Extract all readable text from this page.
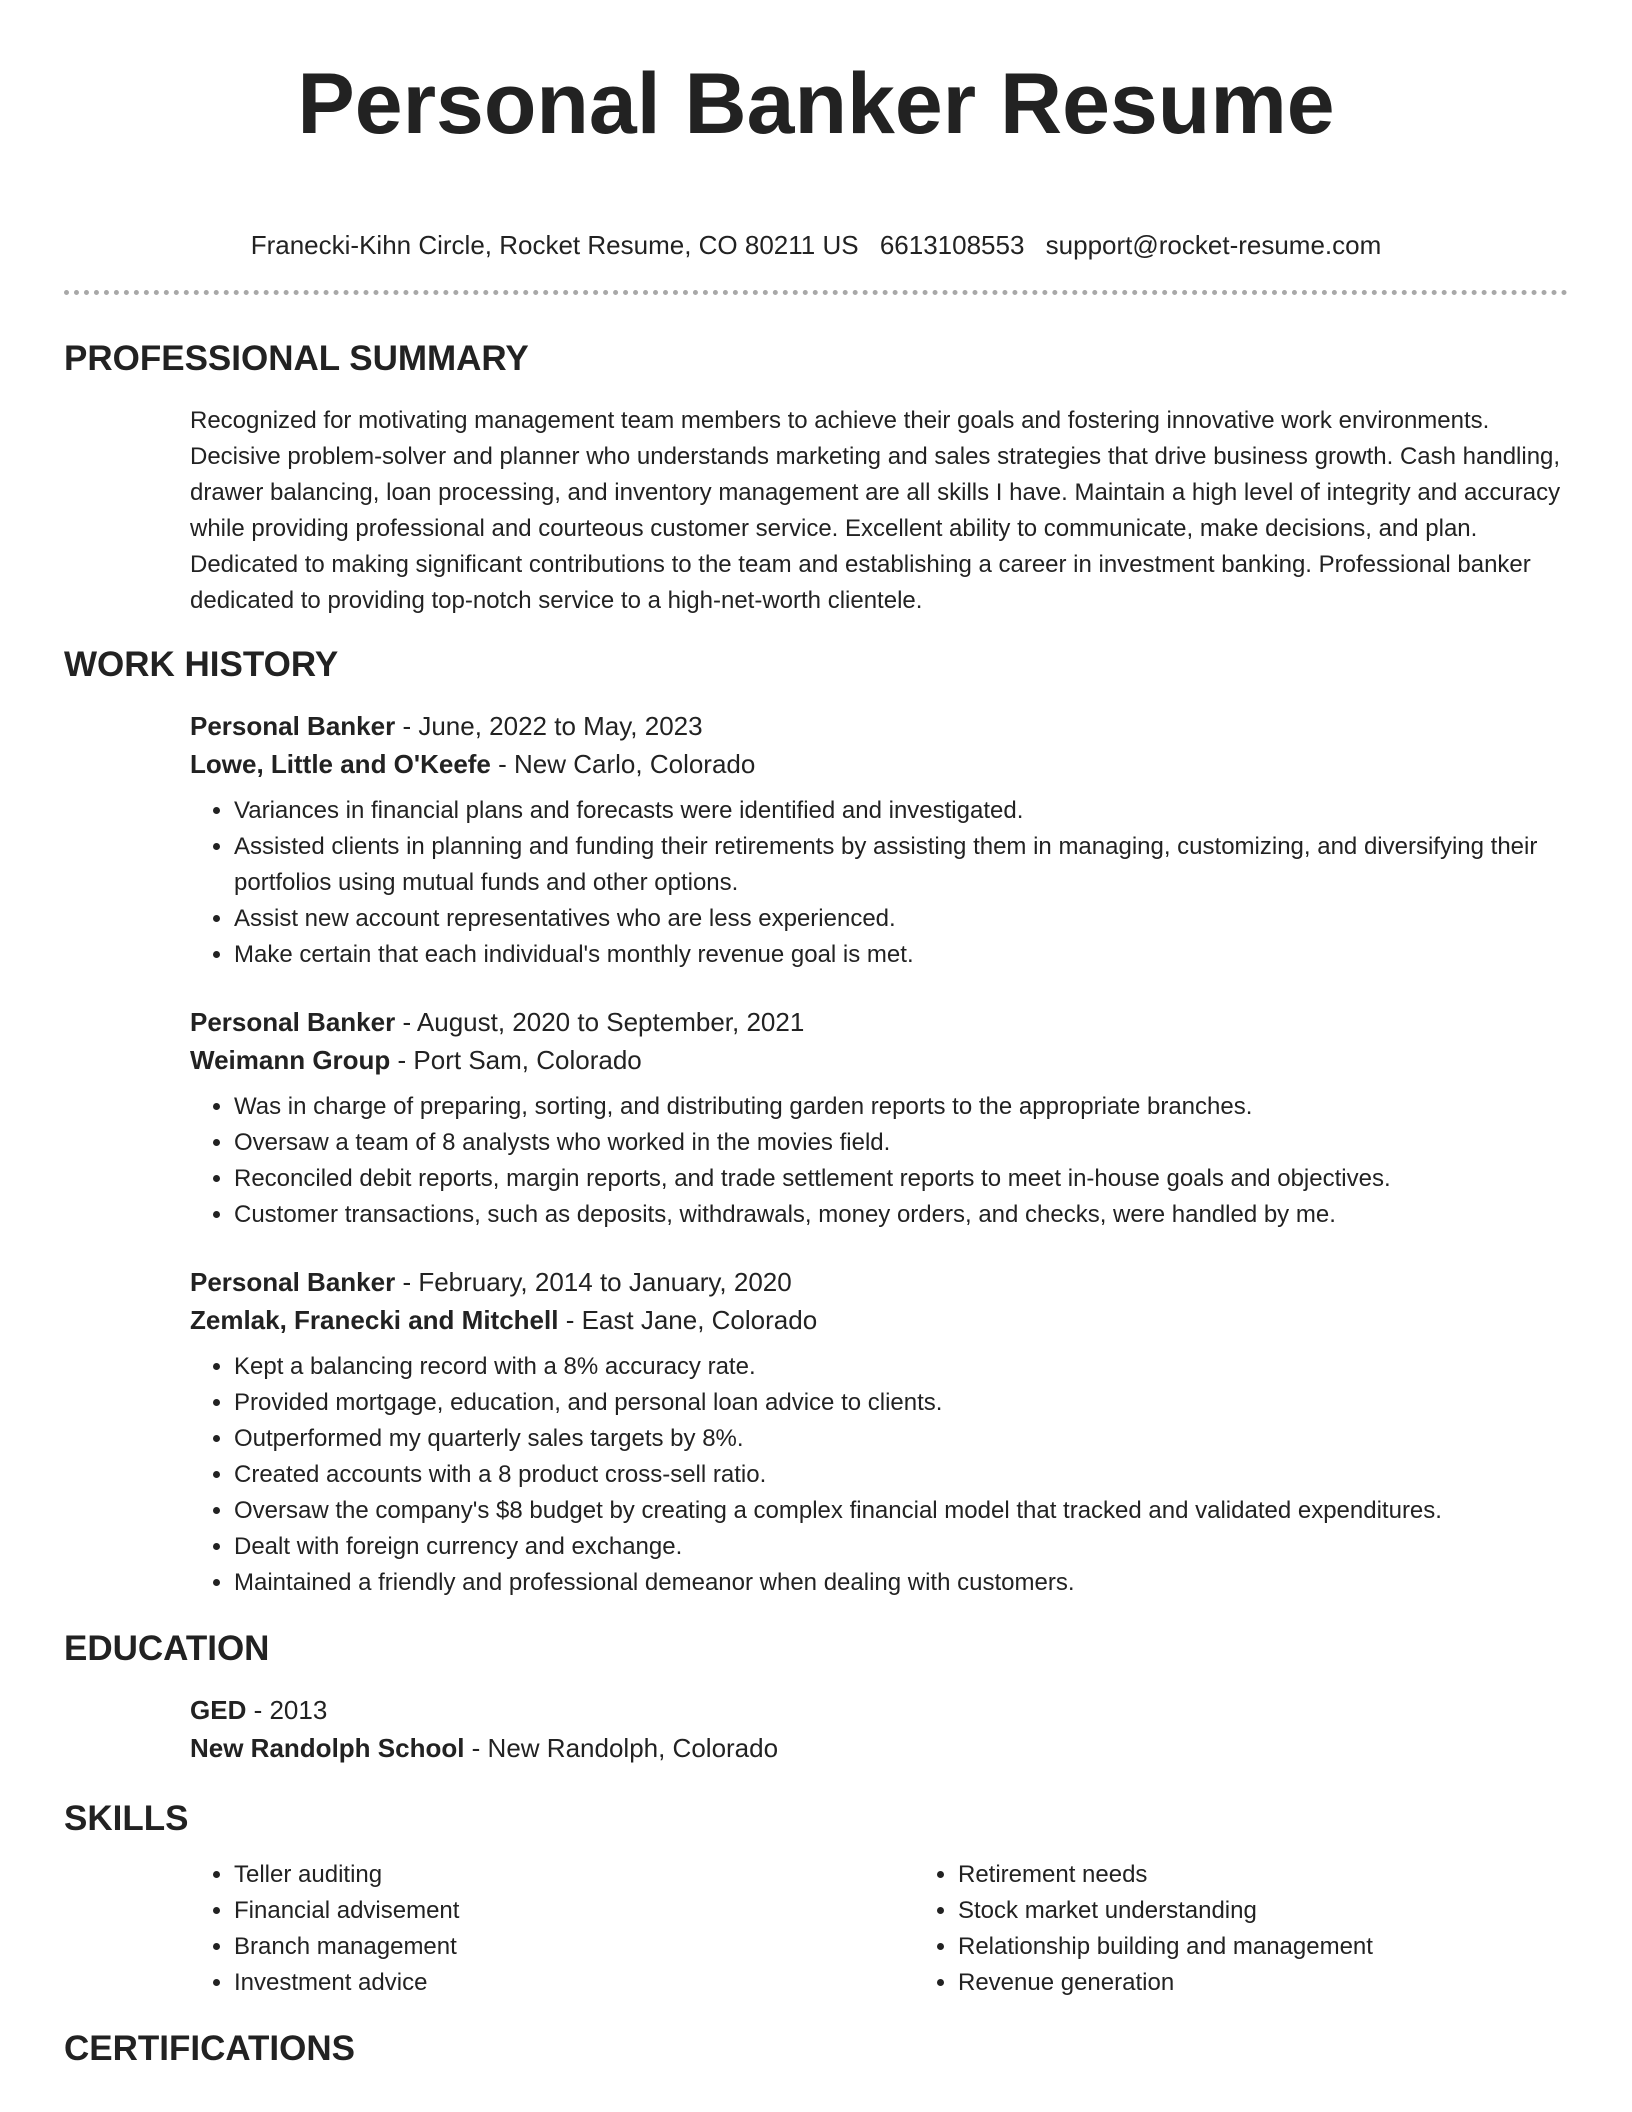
Personal Banker Resume
Franecki-Kihn Circle, Rocket Resume, CO 80211 US 6613108553 support@rocket-resume.com
PROFESSIONAL SUMMARY

Recognized for motivating management team members to achieve their goals and fostering innovative work environments. Decisive problem-solver and planner who understands marketing and sales strategies that drive business growth. Cash handling, drawer balancing, loan processing, and inventory management are all skills I have. Maintain a high level of integrity and accuracy while providing professional and courteous customer service. Excellent ability to communicate, make decisions, and plan. Dedicated to making significant contributions to the team and establishing a career in investment banking. Professional banker dedicated to providing top-notch service to a high-net-worth clientele.

WORK HISTORY

Personal Banker - June, 2022 to May, 2023

Lowe, Little and O'Keefe - New Carlo, Colorado

• Variances in financial plans and forecasts were identified and investigated.
• Assisted clients in planning and funding their retirements by assisting them in managing, customizing, and diversifying their portfolios using mutual funds and other options.
• Assist new account representatives who are less experienced.
• Make certain that each individual's monthly revenue goal is met.

Personal Banker - August, 2020 to September, 2021

Weimann Group - Port Sam, Colorado

• Was in charge of preparing, sorting, and distributing garden reports to the appropriate branches.
• Oversaw a team of 8 analysts who worked in the movies field.
• Reconciled debit reports, margin reports, and trade settlement reports to meet in-house goals and objectives.
• Customer transactions, such as deposits, withdrawals, money orders, and checks, were handled by me.

Personal Banker - February, 2014 to January, 2020

Zemlak, Franecki and Mitchell - East Jane, Colorado

• Kept a balancing record with a 8% accuracy rate.
• Provided mortgage, education, and personal loan advice to clients.
• Outperformed my quarterly sales targets by 8%.
• Created accounts with a 8 product cross-sell ratio.
• Oversaw the company's $8 budget by creating a complex financial model that tracked and validated expenditures.
• Dealt with foreign currency and exchange.
• Maintained a friendly and professional demeanor when dealing with customers.
EDUCATION

GED - 2013

New Randolph School - New Randolph, Colorado

SKILLS
• Teller auditing
• Financial advisement
• Branch management
• Investment advice
• Retirement needs
• Stock market understanding
• Relationship building and management
• Revenue generation
CERTIFICATIONS
